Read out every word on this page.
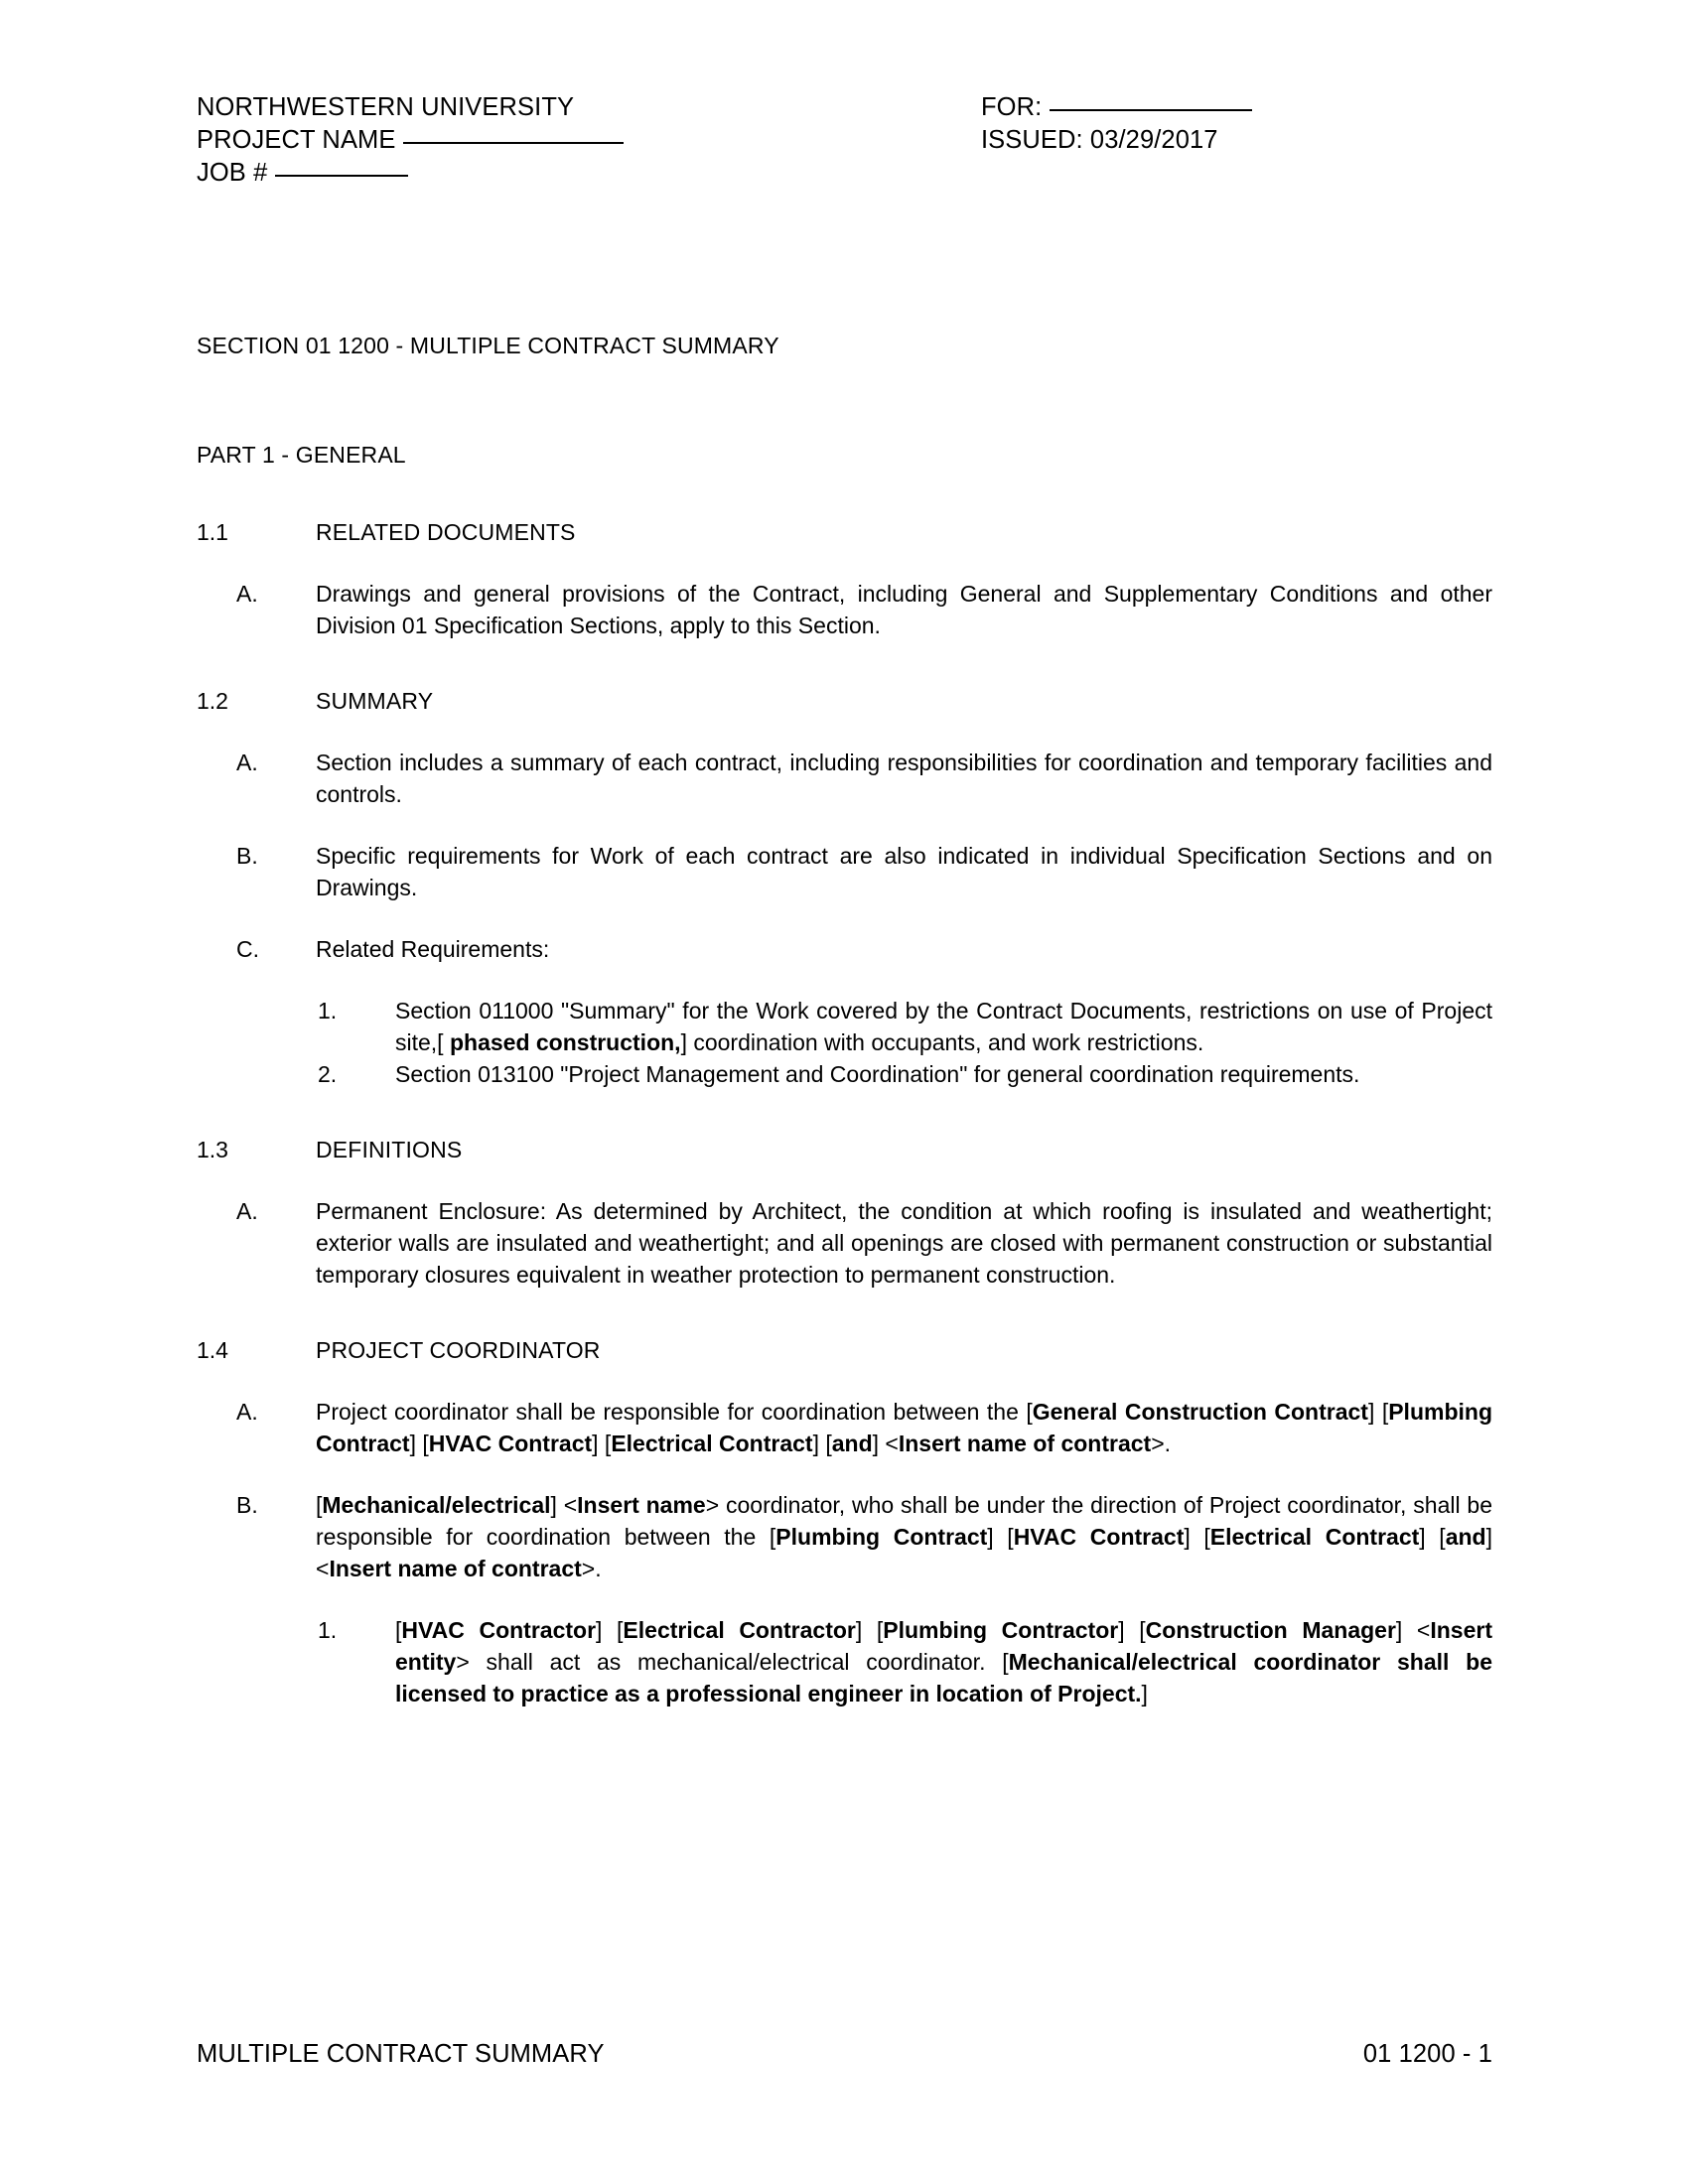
NORTHWESTERN UNIVERSITY
PROJECT NAME
JOB #
FOR:
ISSUED: 03/29/2017
SECTION 01 1200 - MULTIPLE CONTRACT SUMMARY
PART 1 - GENERAL
1.1	RELATED DOCUMENTS
A.	Drawings and general provisions of the Contract, including General and Supplementary Conditions and other Division 01 Specification Sections, apply to this Section.
1.2	SUMMARY
A.	Section includes a summary of each contract, including responsibilities for coordination and temporary facilities and controls.
B.	Specific requirements for Work of each contract are also indicated in individual Specification Sections and on Drawings.
C.	Related Requirements:
1.	Section 011000 "Summary" for the Work covered by the Contract Documents, restrictions on use of Project site,[ phased construction,] coordination with occupants, and work restrictions.
2.	Section 013100 "Project Management and Coordination" for general coordination requirements.
1.3	DEFINITIONS
A.	Permanent Enclosure: As determined by Architect, the condition at which roofing is insulated and weathertight; exterior walls are insulated and weathertight; and all openings are closed with permanent construction or substantial temporary closures equivalent in weather protection to permanent construction.
1.4	PROJECT COORDINATOR
A.	Project coordinator shall be responsible for coordination between the [General Construction Contract] [Plumbing Contract] [HVAC Contract] [Electrical Contract] [and] <Insert name of contract>.
B.	[Mechanical/electrical] <Insert name> coordinator, who shall be under the direction of Project coordinator, shall be responsible for coordination between the [Plumbing Contract] [HVAC Contract] [Electrical Contract] [and] <Insert name of contract>.
1.	[HVAC Contractor] [Electrical Contractor] [Plumbing Contractor] [Construction Manager] <Insert entity> shall act as mechanical/electrical coordinator. [Mechanical/electrical coordinator shall be licensed to practice as a professional engineer in location of Project.]
MULTIPLE CONTRACT SUMMARY	01 1200 - 1
